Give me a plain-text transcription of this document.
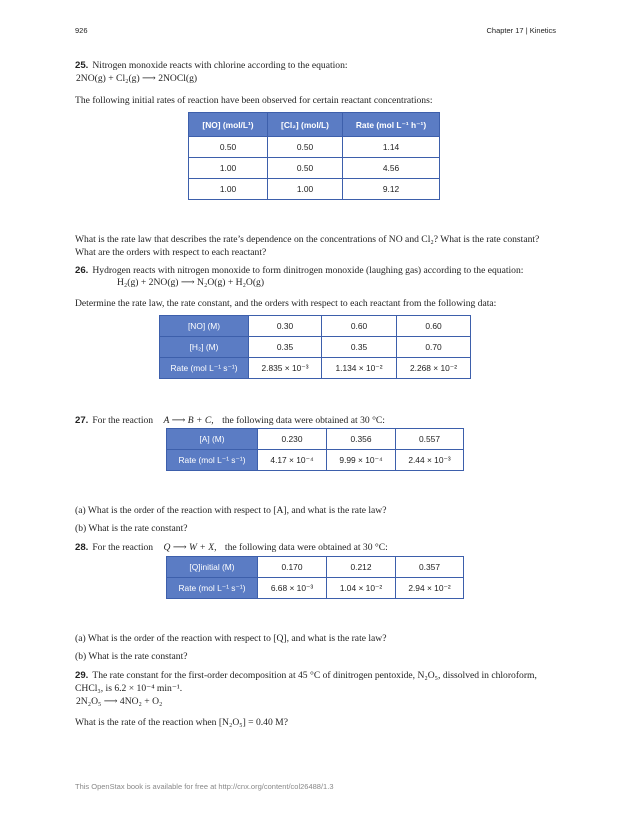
926	Chapter 17 | Kinetics
25. Nitrogen monoxide reacts with chlorine according to the equation:
2NO(g) + Cl₂(g) ⟶ 2NOCl(g)
The following initial rates of reaction have been observed for certain reactant concentrations:
[NO] (mol/L¹)	[Cl₂] (mol/L)	Rate (mol L⁻¹ h⁻¹)
0.50	0.50	1.14
1.00	0.50	4.56
1.00	1.00	9.12
What is the rate law that describes the rate’s dependence on the concentrations of NO and Cl₂? What is the rate constant? What are the orders with respect to each reactant?
26. Hydrogen reacts with nitrogen monoxide to form dinitrogen monoxide (laughing gas) according to the equation:
H₂(g) + 2NO(g) ⟶ N₂O(g) + H₂O(g)
Determine the rate law, the rate constant, and the orders with respect to each reactant from the following data:
[NO] (M)	0.30	0.60	0.60
[H₂] (M)	0.35	0.35	0.70
Rate (mol L⁻¹ s⁻¹)	2.835 × 10⁻³	1.134 × 10⁻²	2.268 × 10⁻²
27. For the reaction A ⟶ B + C, the following data were obtained at 30 °C:
[A] (M)	0.230	0.356	0.557
Rate (mol L⁻¹ s⁻¹)	4.17 × 10⁻⁴	9.99 × 10⁻⁴	2.44 × 10⁻³
(a) What is the order of the reaction with respect to [A], and what is the rate law?
(b) What is the rate constant?
28. For the reaction Q ⟶ W + X, the following data were obtained at 30 °C:
[Q]initial (M)	0.170	0.212	0.357
Rate (mol L⁻¹ s⁻¹)	6.68 × 10⁻³	1.04 × 10⁻²	2.94 × 10⁻²
(a) What is the order of the reaction with respect to [Q], and what is the rate law?
(b) What is the rate constant?
29. The rate constant for the first-order decomposition at 45 °C of dinitrogen pentoxide, N₂O₅, dissolved in chloroform, CHCl₃, is 6.2 × 10⁻⁴ min⁻¹.
2N₂O₅ ⟶ 4NO₂ + O₂
What is the rate of the reaction when [N₂O₅] = 0.40 M?
This OpenStax book is available for free at http://cnx.org/content/col26488/1.3
